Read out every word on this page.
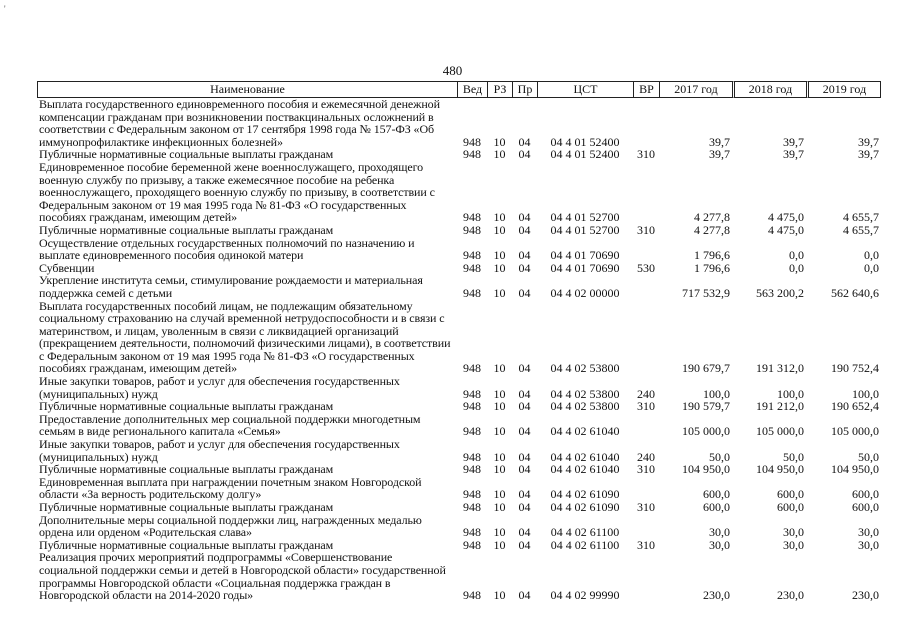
'
480
Наименование	Вед	РЗ	Пр	ЦСТ	ВР	2017 год	2018 год	2019 год
Выплата государственного единовременного пособия и ежемесячной денежной компенсации гражданам при возникновении поствакцинальных осложнений в соответствии с Федеральным законом от 17 сентября 1998 года № 157-ФЗ «Об иммунопрофилактике инфекционных болезней»	948	10	04	04 4 01 52400		39,7	39,7	39,7
Публичные нормативные социальные выплаты гражданам	948	10	04	04 4 01 52400	310	39,7	39,7	39,7
Единовременное пособие беременной жене военнослужащего, проходящего военную службу по призыву, а также ежемесячное пособие на ребенка военнослужащего, проходящего военную службу по призыву, в соответствии с Федеральным законом от 19 мая 1995 года № 81-ФЗ «О государственных пособиях гражданам, имеющим детей»	948	10	04	04 4 01 52700		4 277,8	4 475,0	4 655,7
Публичные нормативные социальные выплаты гражданам	948	10	04	04 4 01 52700	310	4 277,8	4 475,0	4 655,7
Осуществление отдельных государственных полномочий по назначению и выплате единовременного пособия одинокой матери	948	10	04	04 4 01 70690		1 796,6	0,0	0,0
Субвенции	948	10	04	04 4 01 70690	530	1 796,6	0,0	0,0
Укрепление института семьи, стимулирование рождаемости и материальная поддержка семей с детьми	948	10	04	04 4 02 00000		717 532,9	563 200,2	562 640,6
Выплата государственных пособий лицам, не подлежащим обязательному социальному страхованию на случай временной нетрудоспособности и в связи с материнством, и лицам, уволенным в связи с ликвидацией организаций (прекращением деятельности, полномочий физическими лицами), в соответствии с Федеральным законом от 19 мая 1995 года № 81-ФЗ «О государственных пособиях гражданам, имеющим детей»	948	10	04	04 4 02 53800		190 679,7	191 312,0	190 752,4
Иные закупки товаров, работ и услуг для обеспечения государственных (муниципальных) нужд	948	10	04	04 4 02 53800	240	100,0	100,0	100,0
Публичные нормативные социальные выплаты гражданам	948	10	04	04 4 02 53800	310	190 579,7	191 212,0	190 652,4
Предоставление дополнительных мер социальной поддержки многодетным семьям в виде регионального капитала «Семья»	948	10	04	04 4 02 61040		105 000,0	105 000,0	105 000,0
Иные закупки товаров, работ и услуг для обеспечения государственных (муниципальных) нужд	948	10	04	04 4 02 61040	240	50,0	50,0	50,0
Публичные нормативные социальные выплаты гражданам	948	10	04	04 4 02 61040	310	104 950,0	104 950,0	104 950,0
Единовременная выплата при награждении почетным знаком Новгородской области «За верность родительскому долгу»	948	10	04	04 4 02 61090		600,0	600,0	600,0
Публичные нормативные социальные выплаты гражданам	948	10	04	04 4 02 61090	310	600,0	600,0	600,0
Дополнительные меры социальной поддержки лиц, награжденных медалью ордена или орденом «Родительская слава»	948	10	04	04 4 02 61100		30,0	30,0	30,0
Публичные нормативные социальные выплаты гражданам	948	10	04	04 4 02 61100	310	30,0	30,0	30,0
Реализация прочих мероприятий подпрограммы «Совершенствование социальной поддержки семьи и детей в Новгородской области» государственной программы Новгородской области «Социальная поддержка граждан в Новгородской области на 2014-2020 годы»	948	10	04	04 4 02 99990		230,0	230,0	230,0
